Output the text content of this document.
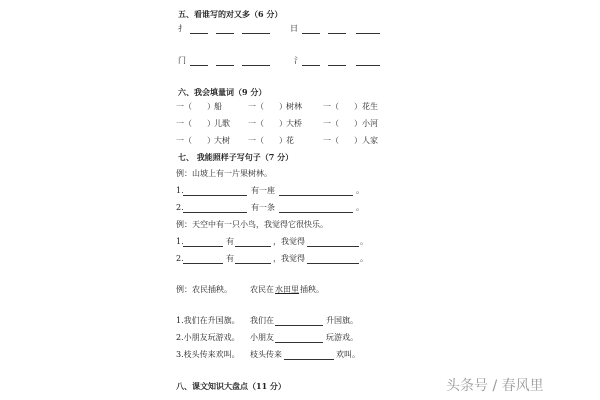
五、看谁写的对又多（6 分）
扌	日
门	氵
六、我会填量词（9 分）
一（ ） 船	一（ ） 树林	一（ ） 花生
一（ ） 儿歌 一（ ） 大桥	一（ ） 小河
一（ ） 大树 一（ ） 花	一（ ） 人家
七、 我能照样子写句子（7 分）
例：山坡上有一片果树林。
1.	有一座	。
2.	有一条	。
例：天空中有一只小鸟，我觉得它很快乐。
1.	有	，我觉得	。
2.	有	，我觉得	。
例：农民插秧。 农民在 水田里 插秧。
1.我们在升国旗。 我们在	升国旗。
2.小朋友玩游戏。 小朋友	玩游戏。
3.枝头传来欢叫。 枝头传来	欢叫。
八、课文知识大盘点（11 分）	头条号 / 春风里
